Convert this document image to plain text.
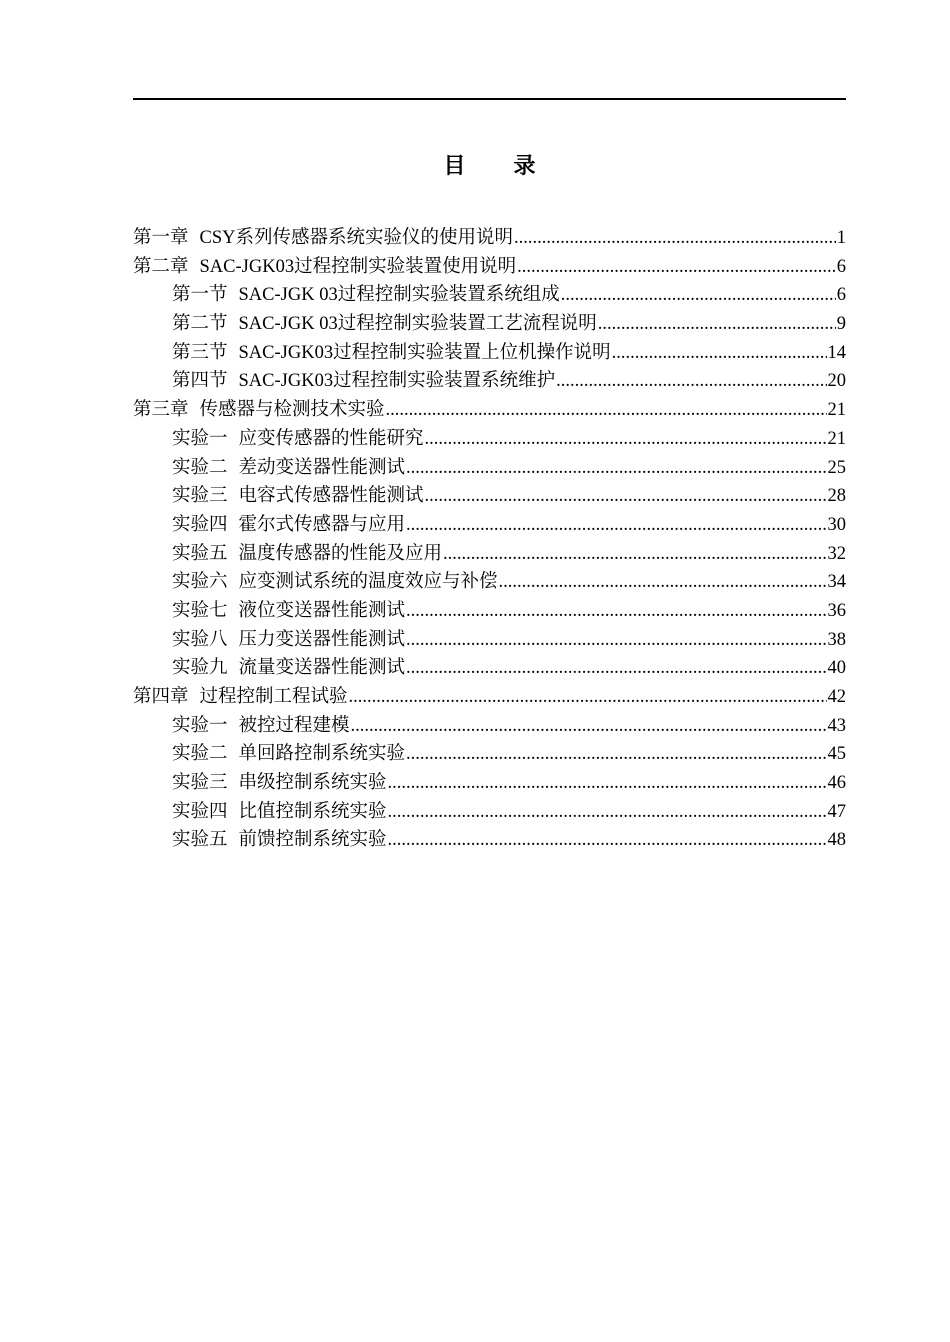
目 录
第一章 CSY系列传感器系统实验仪的使用说明 .....	1
第二章 SAC-JGK03过程控制实验装置使用说明 .....	6
第一节 SAC-JGK 03过程控制实验装置系统组成 .....	6
第二节 SAC-JGK 03过程控制实验装置工艺流程说明 .....	9
第三节 SAC-JGK03过程控制实验装置上位机操作说明 .....	14
第四节 SAC-JGK03过程控制实验装置系统维护 .....	20
第三章 传感器与检测技术实验 .....	21
实验一 应变传感器的性能研究 .....	21
实验二 差动变送器性能测试 .....	25
实验三 电容式传感器性能测试 .....	28
实验四 霍尔式传感器与应用 .....	30
实验五 温度传感器的性能及应用 .....	32
实验六 应变测试系统的温度效应与补偿 .....	34
实验七 液位变送器性能测试 .....	36
实验八 压力变送器性能测试 .....	38
实验九 流量变送器性能测试 .....	40
第四章 过程控制工程试验 .....	42
实验一 被控过程建模 .....	43
实验二 单回路控制系统实验 .....	45
实验三 串级控制系统实验 .....	46
实验四 比值控制系统实验 .....	47
实验五 前馈控制系统实验 .....	48
